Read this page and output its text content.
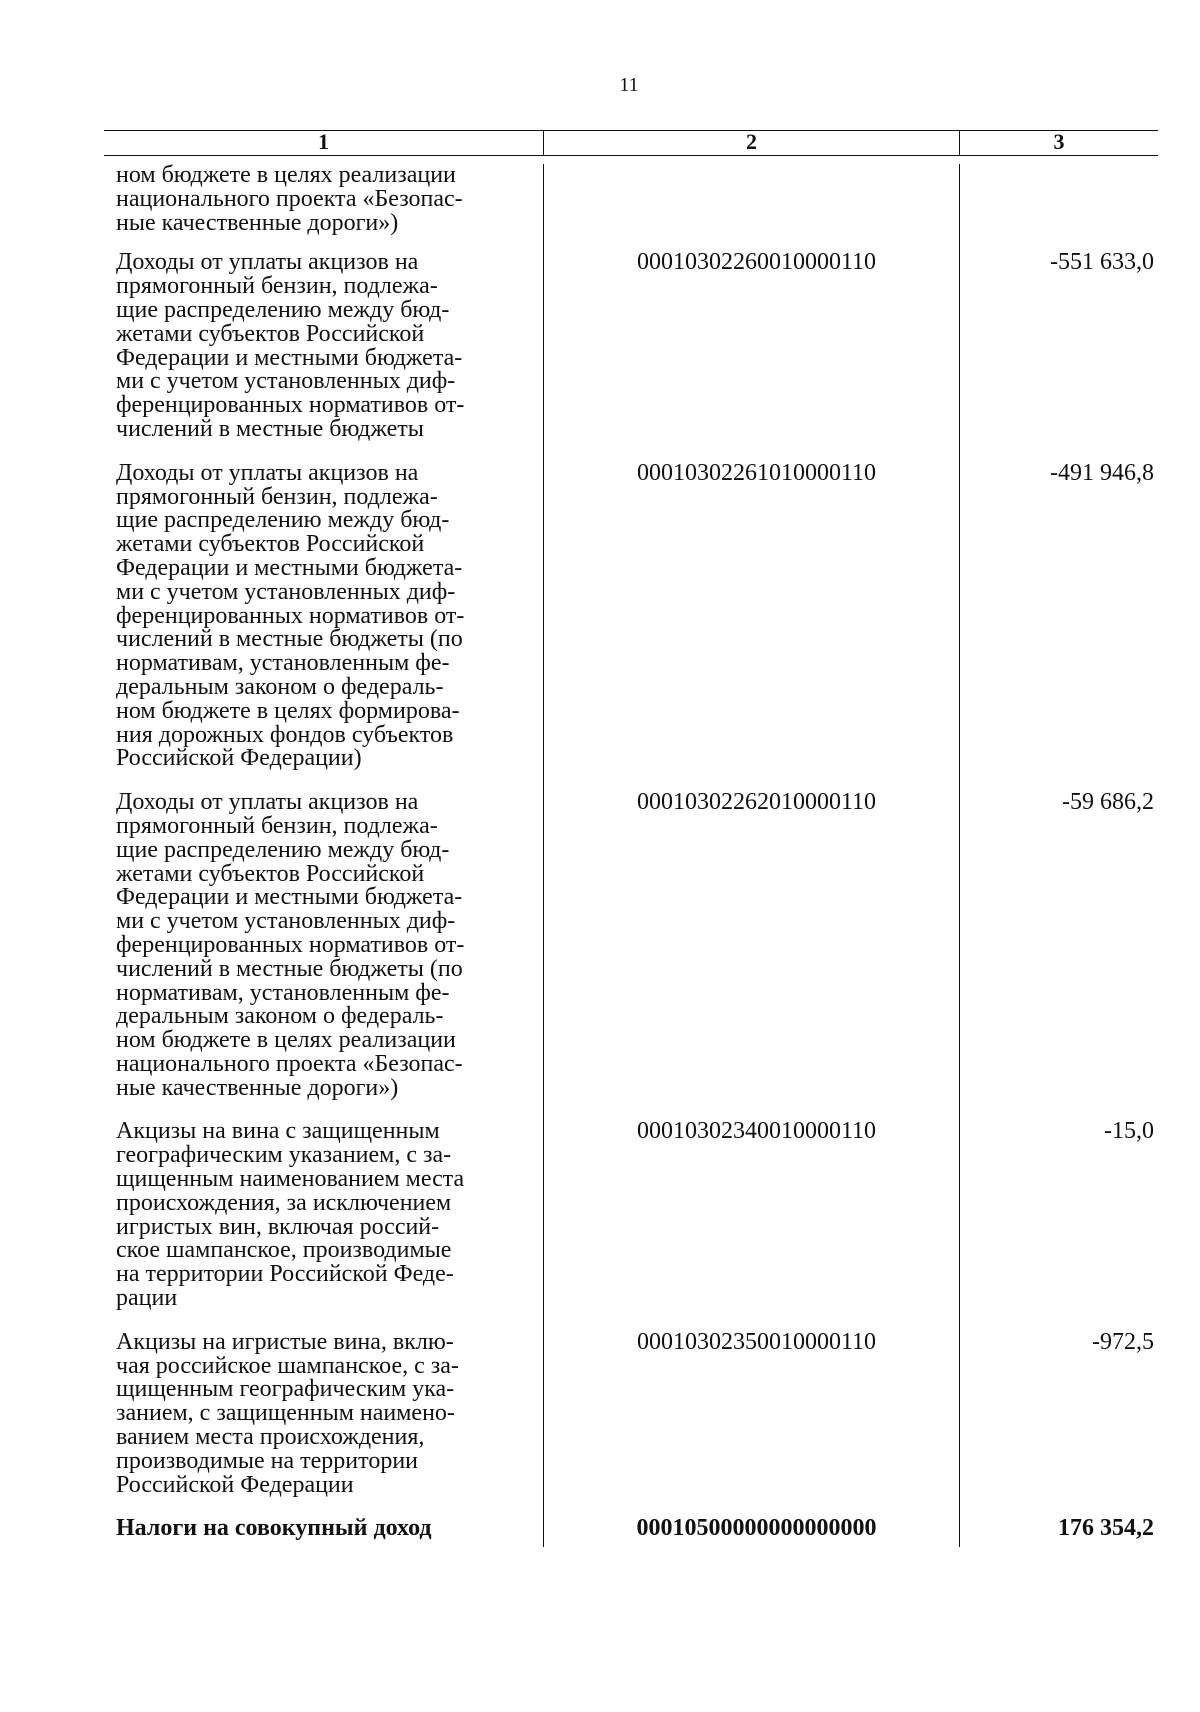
11
1	2	3
ном бюджете в целях реализации
национального проекта «Безопас-
ные качественные дороги»)
Доходы от уплаты акцизов на
прямогонный бензин, подлежа-
щие распределению между бюд-
жетами субъектов Российской
Федерации и местными бюджета-
ми с учетом установленных диф-
ференцированных нормативов от-
числений в местные бюджеты
00010302260010000110	-551 633,0
Доходы от уплаты акцизов на
прямогонный бензин, подлежа-
щие распределению между бюд-
жетами субъектов Российской
Федерации и местными бюджета-
ми с учетом установленных диф-
ференцированных нормативов от-
числений в местные бюджеты (по
нормативам, установленным фе-
деральным законом о федераль-
ном бюджете в целях формирова-
ния дорожных фондов субъектов
Российской Федерации)
00010302261010000110	-491 946,8
Доходы от уплаты акцизов на
прямогонный бензин, подлежа-
щие распределению между бюд-
жетами субъектов Российской
Федерации и местными бюджета-
ми с учетом установленных диф-
ференцированных нормативов от-
числений в местные бюджеты (по
нормативам, установленным фе-
деральным законом о федераль-
ном бюджете в целях реализации
национального проекта «Безопас-
ные качественные дороги»)
00010302262010000110	-59 686,2
Акцизы на вина с защищенным
географическим указанием, с за-
щищенным наименованием места
происхождения, за исключением
игристых вин, включая россий-
ское шампанское, производимые
на территории Российской Феде-
рации
00010302340010000110	-15,0
Акцизы на игристые вина, вклю-
чая российское шампанское, с за-
щищенным географическим ука-
занием, с защищенным наимено-
ванием места происхождения,
производимые на территории
Российской Федерации
00010302350010000110	-972,5
Налоги на совокупный доход	00010500000000000000	176 354,2
